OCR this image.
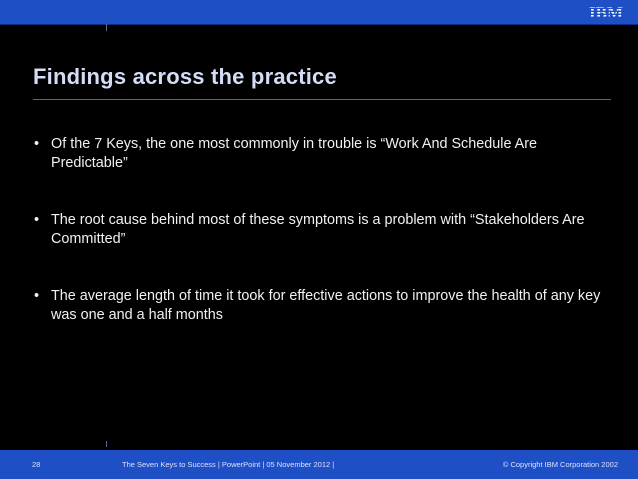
IBM
Findings across the practice
• Of the 7 Keys, the one most commonly in trouble is “Work And Schedule Are Predictable”
• The root cause behind most of these symptoms is a problem with “Stakeholders Are Committed”
• The average length of time it took for effective actions to improve the health of any key was one and a half months
28	The Seven Keys to Success | PowerPoint | 05 November 2012 |	© Copyright IBM Corporation 2002
